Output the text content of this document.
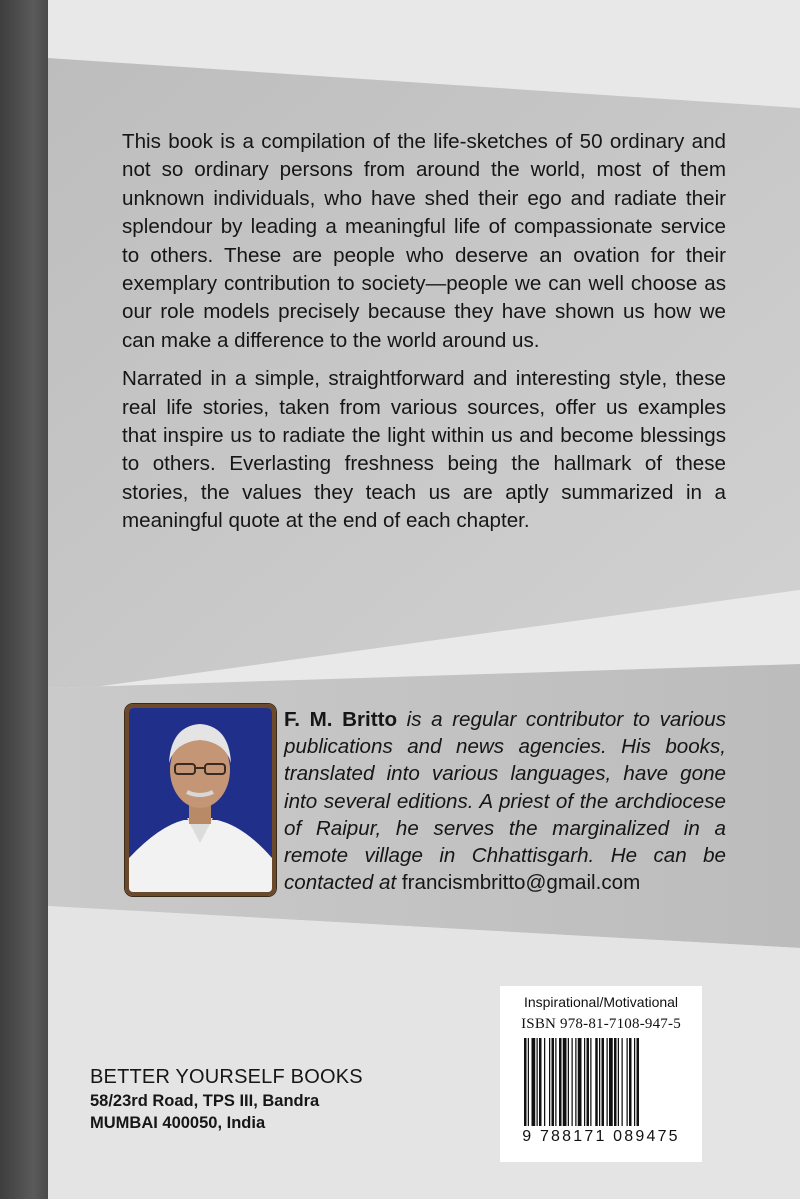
This book is a compilation of the life-sketches of 50 ordinary and not so ordinary persons from around the world, most of them unknown individuals, who have shed their ego and radiate their splendour by leading a meaningful life of compassionate service to others. These are people who deserve an ovation for their exemplary contribution to society—people we can well choose as our role models precisely because they have shown us how we can make a difference to the world around us.

Narrated in a simple, straightforward and interesting style, these real life stories, taken from various sources, offer us examples that inspire us to radiate the light within us and become blessings to others. Everlasting freshness being the hallmark of these stories, the values they teach us are aptly summarized in a meaningful quote at the end of each chapter.

F. M. Britto is a regular contributor to various publications and news agencies. His books, translated into various languages, have gone into several editions. A priest of the archdiocese of Raipur, he serves the marginalized in a remote village in Chhattisgarh. He can be contacted at francismbritto@gmail.com
BETTER YOURSELF BOOKS
58/23rd Road, TPS III, Bandra
MUMBAI 400050, India
Inspirational/Motivational
ISBN 978-81-7108-947-5
9 788171 089475
